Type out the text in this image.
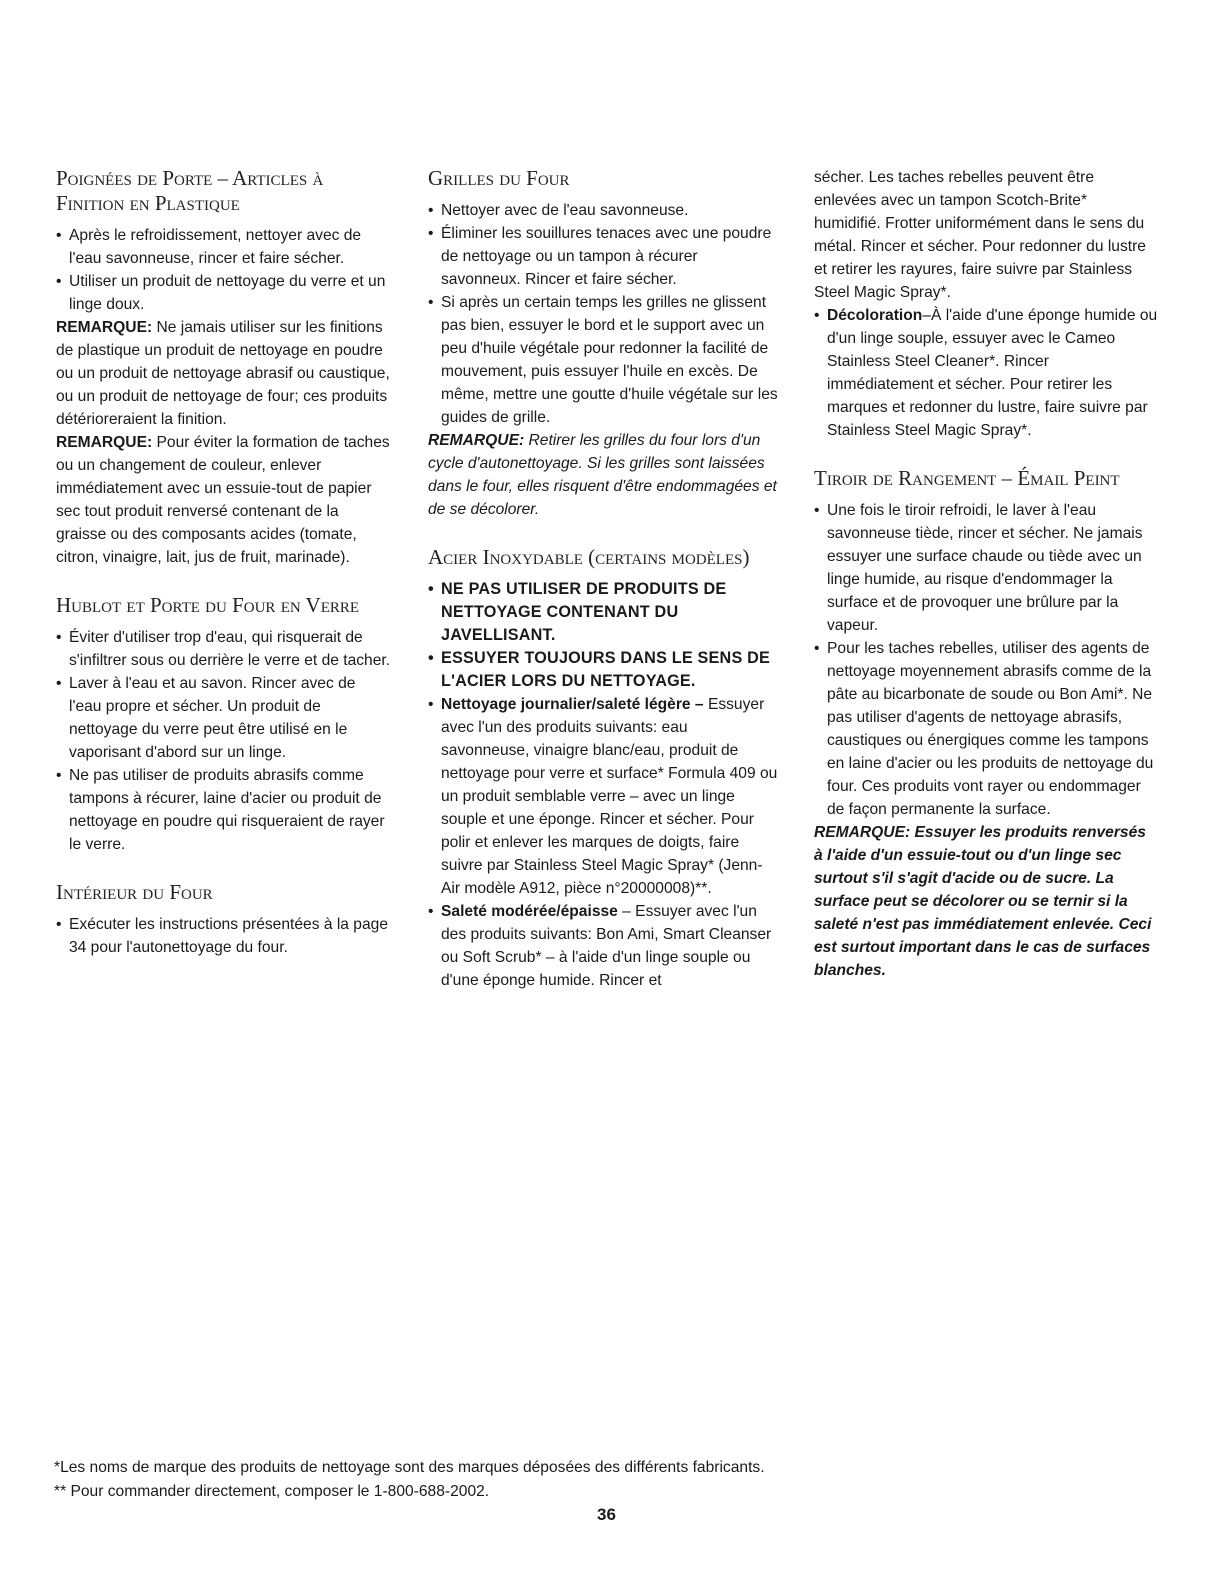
Poignées de Porte – Articles à Finition en Plastique

• Après le refroidissement, nettoyer avec de l'eau savonneuse, rincer et faire sécher.

• Utiliser un produit de nettoyage du verre et un linge doux.

REMARQUE: Ne jamais utiliser sur les finitions de plastique un produit de nettoyage en poudre ou un produit de nettoyage abrasif ou caustique, ou un produit de nettoyage de four; ces produits détérioreraient la finition.

REMARQUE: Pour éviter la formation de taches ou un changement de couleur, enlever immédiatement avec un essuie-tout de papier sec tout produit renversé contenant de la graisse ou des composants acides (tomate, citron, vinaigre, lait, jus de fruit, marinade).

Hublot et Porte du Four en Verre

• Éviter d'utiliser trop d'eau, qui risquerait de s'infiltrer sous ou derrière le verre et de tacher.

• Laver à l'eau et au savon. Rincer avec de l'eau propre et sécher. Un produit de nettoyage du verre peut être utilisé en le vaporisant d'abord sur un linge.

• Ne pas utiliser de produits abrasifs comme tampons à récurer, laine d'acier ou produit de nettoyage en poudre qui risqueraient de rayer le verre.

Intérieur du Four

• Exécuter les instructions présentées à la page 34 pour l'autonettoyage du four.

Grilles du Four

• Nettoyer avec de l'eau savonneuse.

• Éliminer les souillures tenaces avec une poudre de nettoyage ou un tampon à récurer savonneux. Rincer et faire sécher.

• Si après un certain temps les grilles ne glissent pas bien, essuyer le bord et le support avec un peu d'huile végétale pour redonner la facilité de mouvement, puis essuyer l'huile en excès. De même, mettre une goutte d'huile végétale sur les guides de grille.

REMARQUE: Retirer les grilles du four lors d'un cycle d'autonettoyage. Si les grilles sont laissées dans le four, elles risquent d'être endommagées et de se décolorer.

Acier Inoxydable (certains modèles)

• NE PAS UTILISER DE PRODUITS DE NETTOYAGE CONTENANT DU JAVELLISANT.

• ESSUYER TOUJOURS DANS LE SENS DE L'ACIER LORS DU NETTOYAGE.

• Nettoyage journalier/saleté légère – Essuyer avec l'un des produits suivants: eau savonneuse, vinaigre blanc/eau, produit de nettoyage pour verre et surface* Formula 409 ou un produit semblable verre – avec un linge souple et une éponge. Rincer et sécher. Pour polir et enlever les marques de doigts, faire suivre par Stainless Steel Magic Spray* (Jenn-Air modèle A912, pièce n°20000008)**.

• Saleté modérée/épaisse – Essuyer avec l'un des produits suivants: Bon Ami, Smart Cleanser ou Soft Scrub* – à l'aide d'un linge souple ou d'une éponge humide. Rincer et

sécher. Les taches rebelles peuvent être enlevées avec un tampon Scotch-Brite* humidifié. Frotter uniformément dans le sens du métal. Rincer et sécher. Pour redonner du lustre et retirer les rayures, faire suivre par Stainless Steel Magic Spray*.

• Décoloration–À l'aide d'une éponge humide ou d'un linge souple, essuyer avec le Cameo Stainless Steel Cleaner*. Rincer immédiatement et sécher. Pour retirer les marques et redonner du lustre, faire suivre par Stainless Steel Magic Spray*.

Tiroir de Rangement – Émail Peint

• Une fois le tiroir refroidi, le laver à l'eau savonneuse tiède, rincer et sécher. Ne jamais essuyer une surface chaude ou tiède avec un linge humide, au risque d'endommager la surface et de provoquer une brûlure par la vapeur.

• Pour les taches rebelles, utiliser des agents de nettoyage moyennement abrasifs comme de la pâte au bicarbonate de soude ou Bon Ami*. Ne pas utiliser d'agents de nettoyage abrasifs, caustiques ou énergiques comme les tampons en laine d'acier ou les produits de nettoyage du four. Ces produits vont rayer ou endommager de façon permanente la surface.

REMARQUE: Essuyer les produits renversés à l'aide d'un essuie-tout ou d'un linge sec surtout s'il s'agit d'acide ou de sucre. La surface peut se décolorer ou se ternir si la saleté n'est pas immédiatement enlevée. Ceci est surtout important dans le cas de surfaces blanches.

*Les noms de marque des produits de nettoyage sont des marques déposées des différents fabricants.

** Pour commander directement, composer le 1-800-688-2002.

36
